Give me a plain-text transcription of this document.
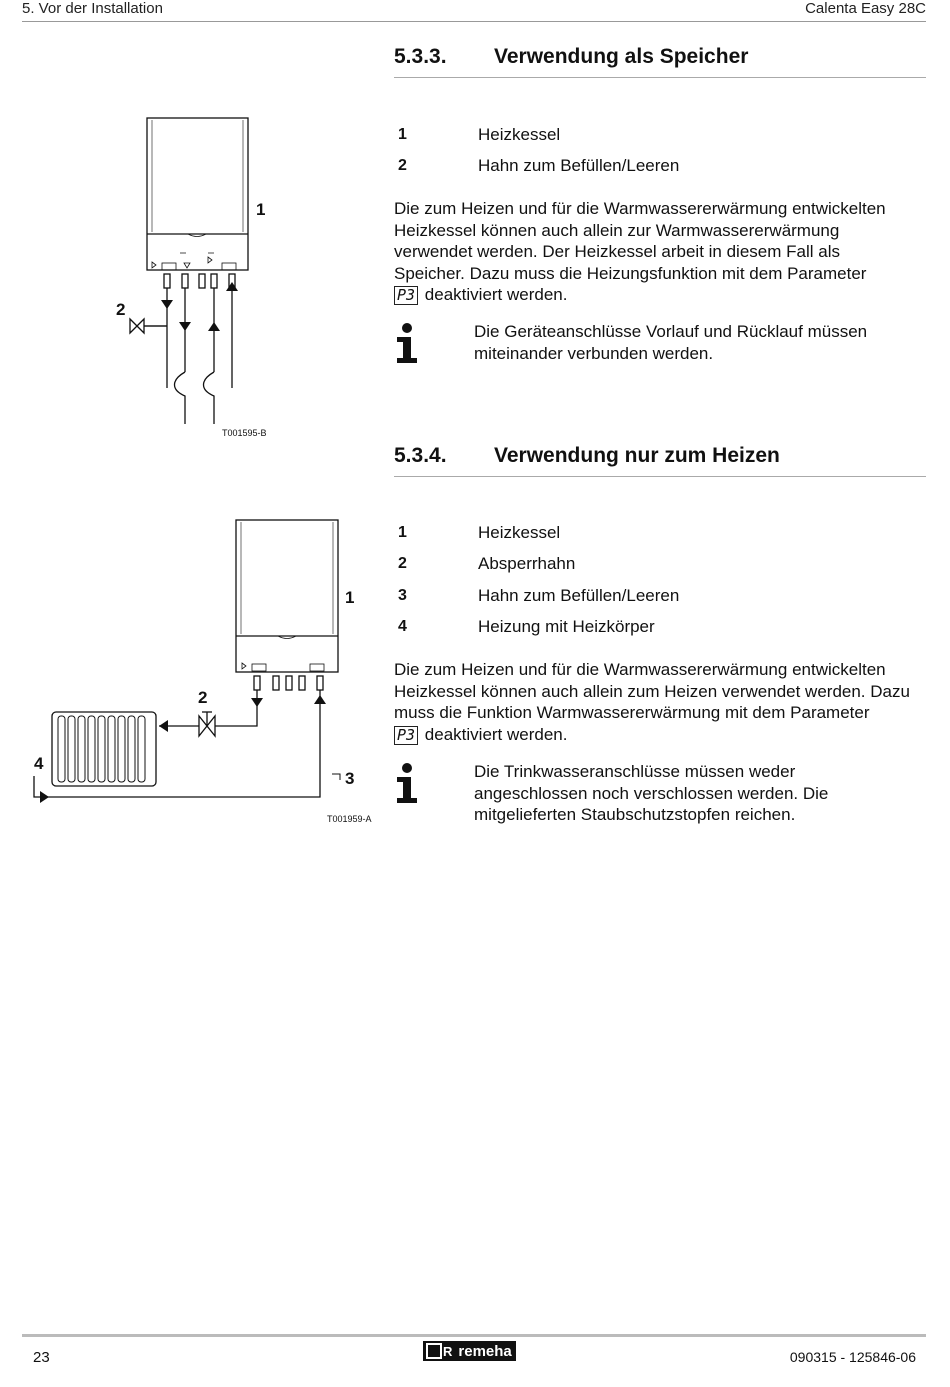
5. Vor der Installation	Calenta Easy 28C
5.3.3. Verwendung als Speicher
1	Heizkessel
2	Hahn zum Befüllen/Leeren
Die zum Heizen und für die Warmwassererwärmung entwickelten
Heizkessel können auch allein zur Warmwassererwärmung
verwendet werden. Der Heizkessel arbeit in diesem Fall als
Speicher. Dazu muss die Heizungsfunktion mit dem Parameter
P3 deaktiviert werden.
Die Geräteanschlüsse Vorlauf und Rücklauf müssen
miteinander verbunden werden.
1
2
T001595-B
5.3.4. Verwendung nur zum Heizen
1	Heizkessel
2	Absperrhahn
3	Hahn zum Befüllen/Leeren
4	Heizung mit Heizkörper
Die zum Heizen und für die Warmwassererwärmung entwickelten
Heizkessel können auch allein zum Heizen verwendet werden. Dazu
muss die Funktion Warmwassererwärmung mit dem Parameter
P3 deaktiviert werden.
Die Trinkwasseranschlüsse müssen weder
angeschlossen noch verschlossen werden. Die
mitgelieferten Staubschutzstopfen reichen.
1
2
3
4
T001959-A
23	R remeha	090315 - 125846-06
